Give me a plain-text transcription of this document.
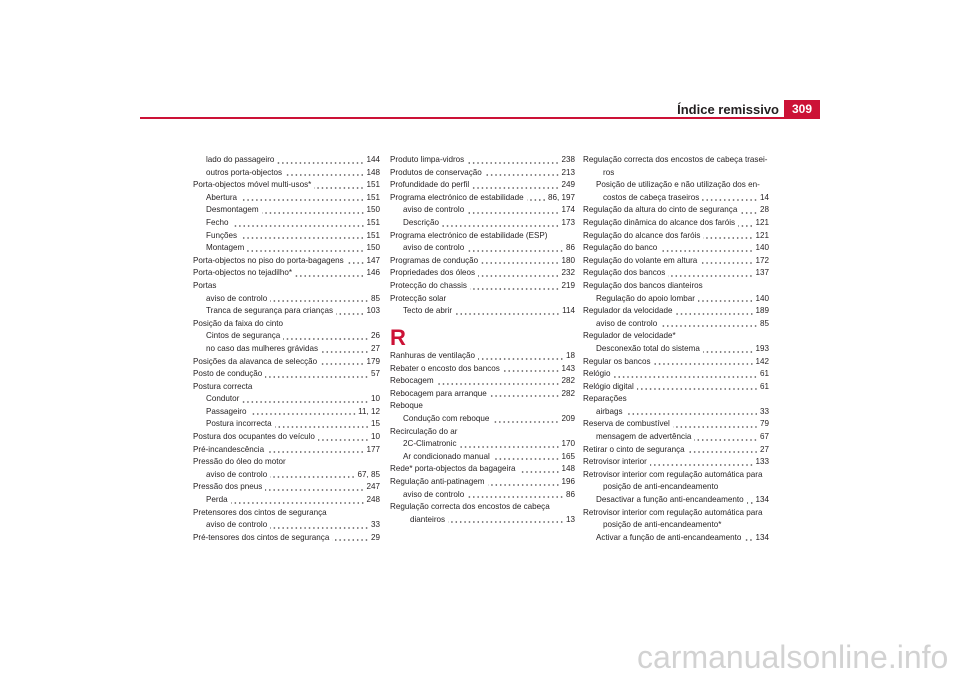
Índice remissivo	309
lado do passageiro	144
outros porta-objectos	148
Porta-objectos móvel multi-usos*	151
Abertura	151
Desmontagem	150
Fecho	151
Funções	151
Montagem	150
Porta-objectos no piso do porta-bagagens	147
Porta-objectos no tejadilho*	146
Portas
aviso de controlo	85
Tranca de segurança para crianças	103
Posição da faixa do cinto
Cintos de segurança	26
no caso das mulheres grávidas	27
Posições da alavanca de selecção	179
Posto de condução	57
Postura correcta
Condutor	10
Passageiro	11, 12
Postura incorrecta	15
Postura dos ocupantes do veículo	10
Pré-incandescência	177
Pressão do óleo do motor
aviso de controlo	67, 85
Pressão dos pneus	247
Perda	248
Pretensores dos cintos de segurança
aviso de controlo	33
Pré-tensores dos cintos de segurança	29
Produto limpa-vidros	238
Produtos de conservação	213
Profundidade do perfil	249
Programa electrónico de estabilidade	86, 197
aviso de controlo	174
Descrição	173
Programa electrónico de estabilidade (ESP)
aviso de controlo	86
Programas de condução	180
Propriedades dos óleos	232
Protecção do chassis	219
Protecção solar
Tecto de abrir	114
R
Ranhuras de ventilação	18
Rebater o encosto dos bancos	143
Rebocagem	282
Rebocagem para arranque	282
Reboque
Condução com reboque	209
Recirculação do ar
2C-Climatronic	170
Ar condicionado manual	165
Rede* porta-objectos da bagageira	148
Regulação anti-patinagem	196
aviso de controlo	86
Regulação correcta dos encostos de cabeça
dianteiros	13
Regulação correcta dos encostos de cabeça trasei-
ros
Posição de utilização e não utilização dos en-
costos de cabeça traseiros	14
Regulação da altura do cinto de segurança	28
Regulação dinâmica do alcance dos faróis	121
Regulação do alcance dos faróis	121
Regulação do banco	140
Regulação do volante em altura	172
Regulação dos bancos	137
Regulação dos bancos dianteiros
Regulação do apoio lombar	140
Regulador da velocidade	189
aviso de controlo	85
Regulador de velocidade*
Desconexão total do sistema	193
Regular os bancos	142
Relógio	61
Relógio digital	61
Reparações
airbags	33
Reserva de combustível	79
mensagem de advertência	67
Retirar o cinto de segurança	27
Retrovisor interior	133
Retrovisor interior com regulação automática para
posição de anti-encandeamento
Desactivar a função anti-encandeamento 134
Retrovisor interior com regulação automática para
posição de anti-encandeamento*
Activar a função de anti-encandeamento 134
carmanualsonline.info
